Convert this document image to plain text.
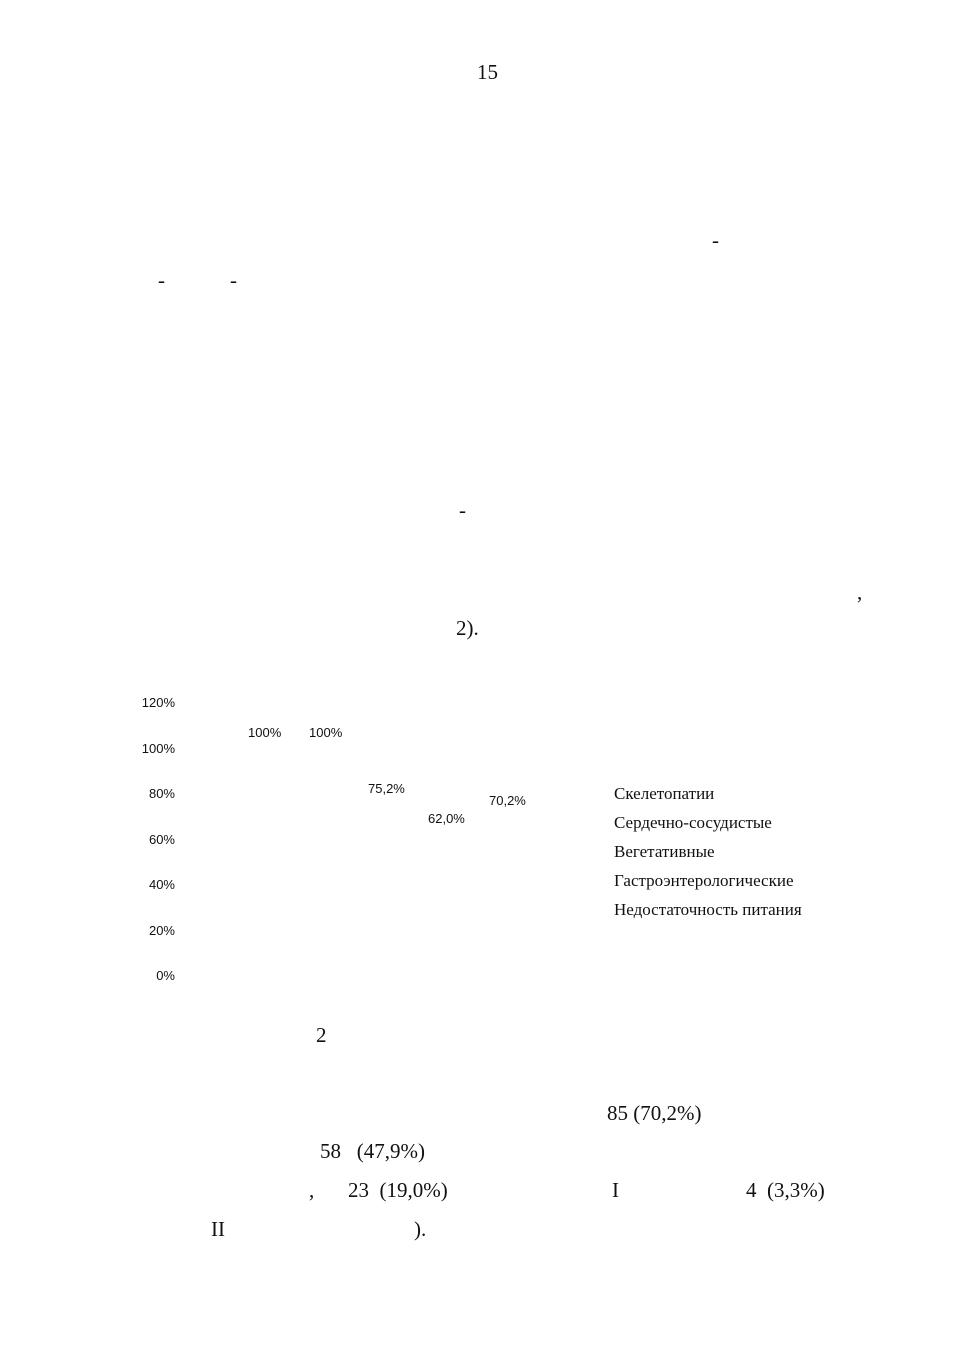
15
-
-	-
-
,
2).
120%
100%
80%
60%
40%
20%
0%
100% 100%
75,2%
62,0%
70,2%	Скелетопатии
Сердечно-сосудистые
Вегетативные
Гастроэнтерологические
Недостаточность питания
2
85 (70,2%)
58   (47,9%)
, 23  (19,0%)	I	4  (3,3%)
II	).
